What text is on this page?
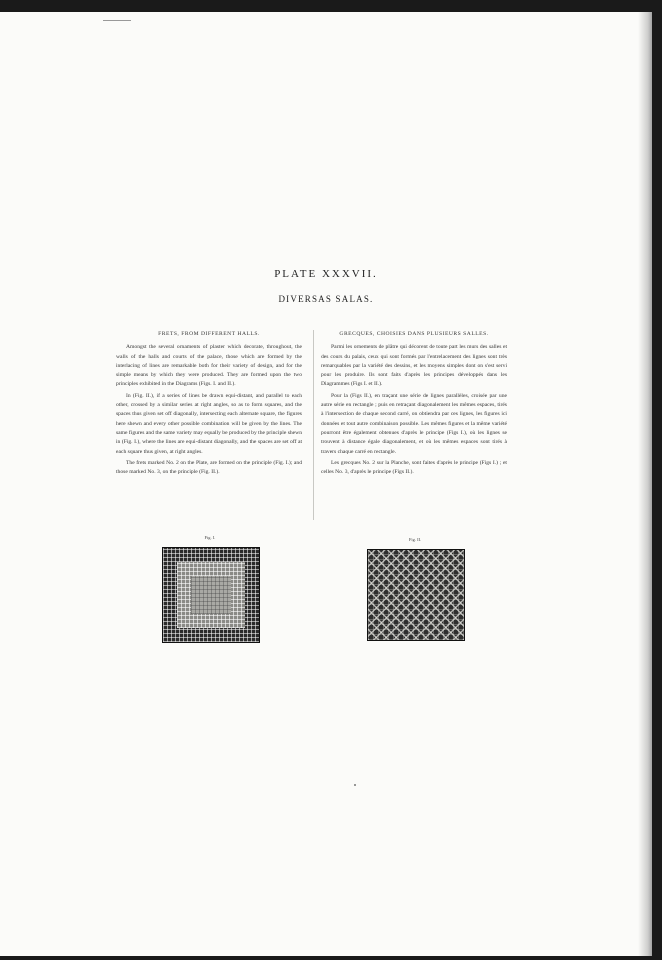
PLATE XXXVII.
DIVERSAS SALAS.
FRETS, FROM DIFFERENT HALLS.

Amongst the several ornaments of plaster which decorate, throughout, the walls of the halls and courts of the palace, those which are formed by the interlacing of lines are remarkable both for their variety of design, and for the simple means by which they were produced. They are formed upon the two principles exhibited in the Diagrams (Figs. I. and II.).

In (Fig. II.), if a series of lines be drawn equi-distant, and parallel to each other, crossed by a similar series at right angles, so as to form squares, and the spaces thus given set off diagonally, intersecting each alternate square, the figures here shewn and every other possible combination will be given by the lines. The same figures and the same variety may equally be produced by the principle shewn in (Fig. I.), where the lines are equi-distant diagonally, and the spaces are set off at each square thus given, at right angles.

The frets marked No. 2 on the Plate, are formed on the principle (Fig. I.); and those marked No. 3, on the principle (Fig. II.).

GRECQUES, CHOISIES DANS PLUSIEURS SALLES.

Parmi les ornements de plâtre qui décorent de toute part les murs des salles et des cours du palais, ceux qui sont formés par l'entrelacement des lignes sont très remarquables par la variété des dessins, et les moyens simples dont on s'est servi pour les produire. Ils sont faits d'après les principes développés dans les Diagrammes (Figs I. et II.).

Pour la (Figs II.), en traçant une série de lignes parallèles, croisée par une autre série en rectangle ; puis en retraçant diagonalement les mêmes espaces, tirés à l'intersection de chaque second carré, on obtiendra par ces lignes, les figures ici données et tout autre combinaison possible. Les mêmes figures et la même variété pourront être également obtenues d'après le principe (Figs I.), où les lignes se trouvent à distance égale diagonalement, et où les mêmes espaces sont tirés à travers chaque carré en rectangle.

Les grecques No. 2 sur la Planche, sont faites d'après le principe (Figs I.) ; et celles No. 3, d'après le principe (Figs II.).

Fig. I.	Fig. II.
